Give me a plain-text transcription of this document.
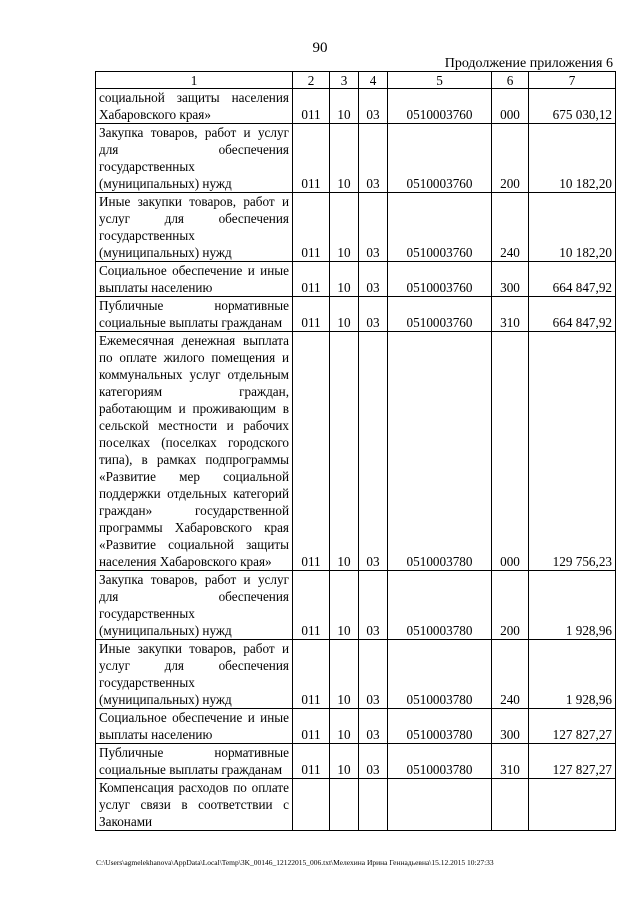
90
Продолжение приложения 6
1	2	3	4	5	6	7
социальной защиты населения Хабаровского края»	011	10	03	0510003760	000	675 030,12
Закупка товаров, работ и услуг для обеспечения государственных (муниципальных) нужд	011	10	03	0510003760	200	10 182,20
Иные закупки товаров, работ и услуг для обеспечения государственных (муниципальных) нужд	011	10	03	0510003760	240	10 182,20
Социальное обеспечение и иные выплаты населению	011	10	03	0510003760	300	664 847,92
Публичные нормативные социальные выплаты гражданам	011	10	03	0510003760	310	664 847,92
Ежемесячная денежная выплата по оплате жилого помещения и коммунальных услуг отдельным категориям граждан, работающим и проживающим в сельской местности и рабочих поселках (поселках городского типа), в рамках подпрограммы «Развитие мер социальной поддержки отдельных категорий граждан» государственной программы Хабаровского края «Развитие социальной защиты населения Хабаровского края»	011	10	03	0510003780	000	129 756,23
Закупка товаров, работ и услуг для обеспечения государственных (муниципальных) нужд	011	10	03	0510003780	200	1 928,96
Иные закупки товаров, работ и услуг для обеспечения государственных (муниципальных) нужд	011	10	03	0510003780	240	1 928,96
Социальное обеспечение и иные выплаты населению	011	10	03	0510003780	300	127 827,27
Публичные нормативные социальные выплаты гражданам	011	10	03	0510003780	310	127 827,27
Компенсация расходов по оплате услуг связи в соответствии с Законами						
C:\Users\agmelekhanova\AppData\Local\Temp\3K_00146_12122015_006.txt\Мелехина Ирина Геннадьевна\15.12.2015 10:27:33
